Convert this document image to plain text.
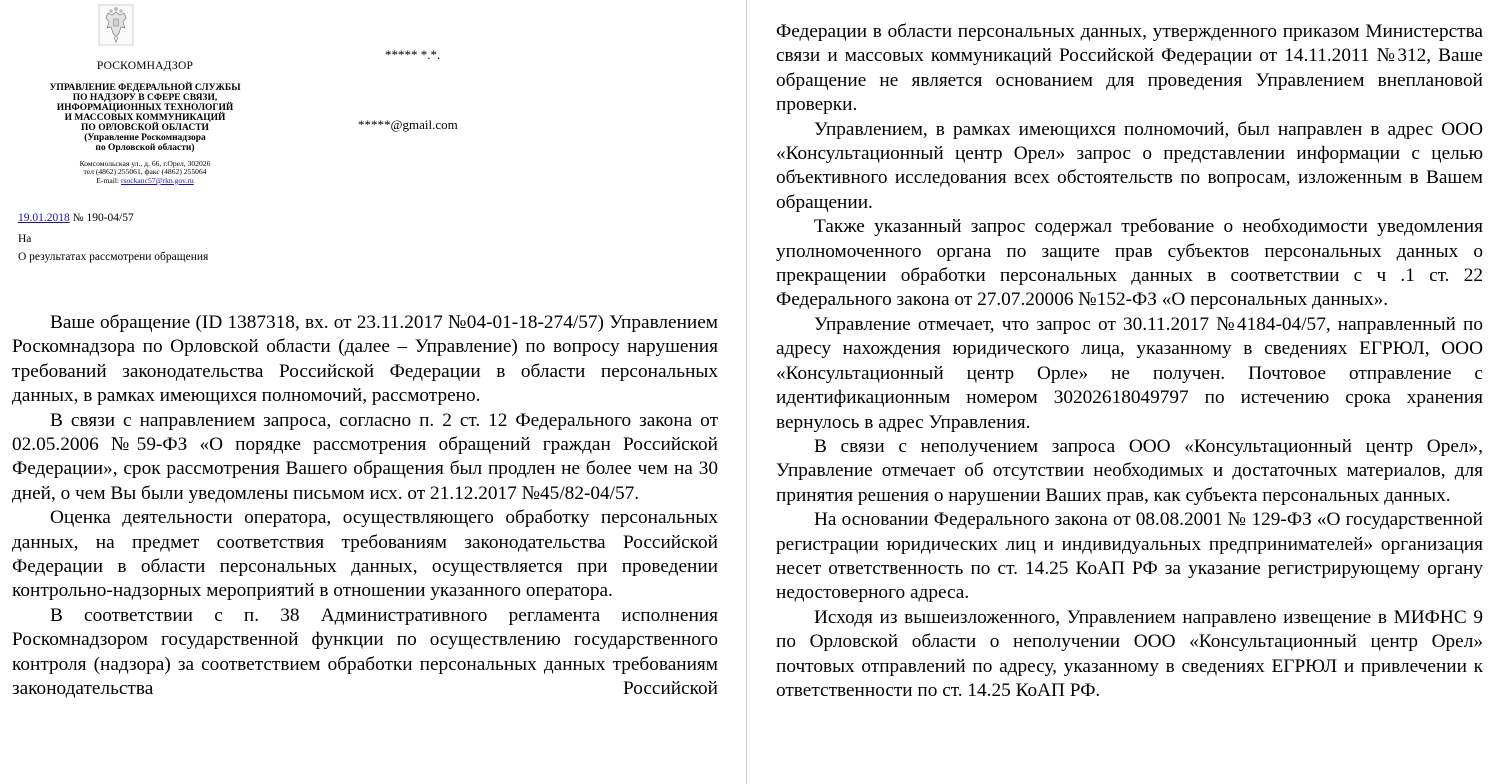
РОСКОМНАДЗОР
УПРАВЛЕНИЕ ФЕДЕРАЛЬНОЙ СЛУЖБЫ
ПО НАДЗОРУ В СФЕРЕ СВЯЗИ,
ИНФОРМАЦИОННЫХ ТЕХНОЛОГИЙ
И МАССОВЫХ КОММУНИКАЦИЙ
ПО ОРЛОВСКОЙ ОБЛАСТИ
(Управление Роскомнадзора
по Орловской области)
Комсомольская ул., д. 66, г.Орел, 302026
тел (4862) 255061, факс (4862) 255064
E-mail: rsockanc57@rkn.gov.ru
***** *.*.
*****@gmail.com
19.01.2018 № 190-04/57
На
О результатах рассмотрени обращения

Ваше обращение (ID 1387318, вх. от 23.11.2017 №04-01-18-274/57) Управлением Роскомнадзора по Орловской области (далее – Управление) по вопросу нарушения требований законодательства Российской Федерации в области персональных данных, в рамках имеющихся полномочий, рассмотрено.

В связи с направлением запроса, согласно п. 2 ст. 12 Федерального закона от 02.05.2006 №59-ФЗ «О порядке рассмотрения обращений граждан Российской Федерации», срок рассмотрения Вашего обращения был продлен не более чем на 30 дней, о чем Вы были уведомлены письмом исх. от 21.12.2017 №45/82-04/57.

Оценка деятельности оператора, осуществляющего обработку персональных данных, на предмет соответствия требованиям законодательства Российской Федерации в области персональных данных, осуществляется при проведении контрольно-надзорных мероприятий в отношении указанного оператора.

В соответствии с п. 38 Административного регламента исполнения Роскомнадзором государственной функции по осуществлению государственного контроля (надзора) за соответствием обработки персональных данных требованиям законодательства Российской

Федерации в области персональных данных, утвержденного приказом Министерства связи и массовых коммуникаций Российской Федерации от 14.11.2011 №312, Ваше обращение не является основанием для проведения Управлением внеплановой проверки.

Управлением, в рамках имеющихся полномочий, был направлен в адрес ООО «Консультационный центр Орел» запрос о представлении информации с целью объективного исследования всех обстоятельств по вопросам, изложенным в Вашем обращении.

Также указанный запрос содержал требование о необходимости уведомления уполномоченного органа по защите прав субъектов персональных данных о прекращении обработки персональных данных в соответствии с ч .1 ст. 22 Федерального закона от 27.07.20006 №152-ФЗ «О персональных данных».

Управление отмечает, что запрос от 30.11.2017 №4184-04/57, направленный по адресу нахождения юридического лица, указанному в сведениях ЕГРЮЛ, ООО «Консультационный центр Орле» не получен. Почтовое отправление с идентификационным номером 30202618049797 по истечению срока хранения вернулось в адрес Управления.

В связи с неполучением запроса ООО «Консультационный центр Орел», Управление отмечает об отсутствии необходимых и достаточных материалов, для принятия решения о нарушении Ваших прав, как субъекта персональных данных.

На основании Федерального закона от 08.08.2001 № 129-ФЗ «О государственной регистрации юридических лиц и индивидуальных предпринимателей» организация несет ответственность по ст. 14.25 КоАП РФ за указание регистрирующему органу недостоверного адреса.

Исходя из вышеизложенного, Управлением направлено извещение в МИФНС 9 по Орловской области о неполучении ООО «Консультационный центр Орел» почтовых отправлений по адресу, указанному в сведениях ЕГРЮЛ и привлечении к ответственности по ст. 14.25 КоАП РФ.
